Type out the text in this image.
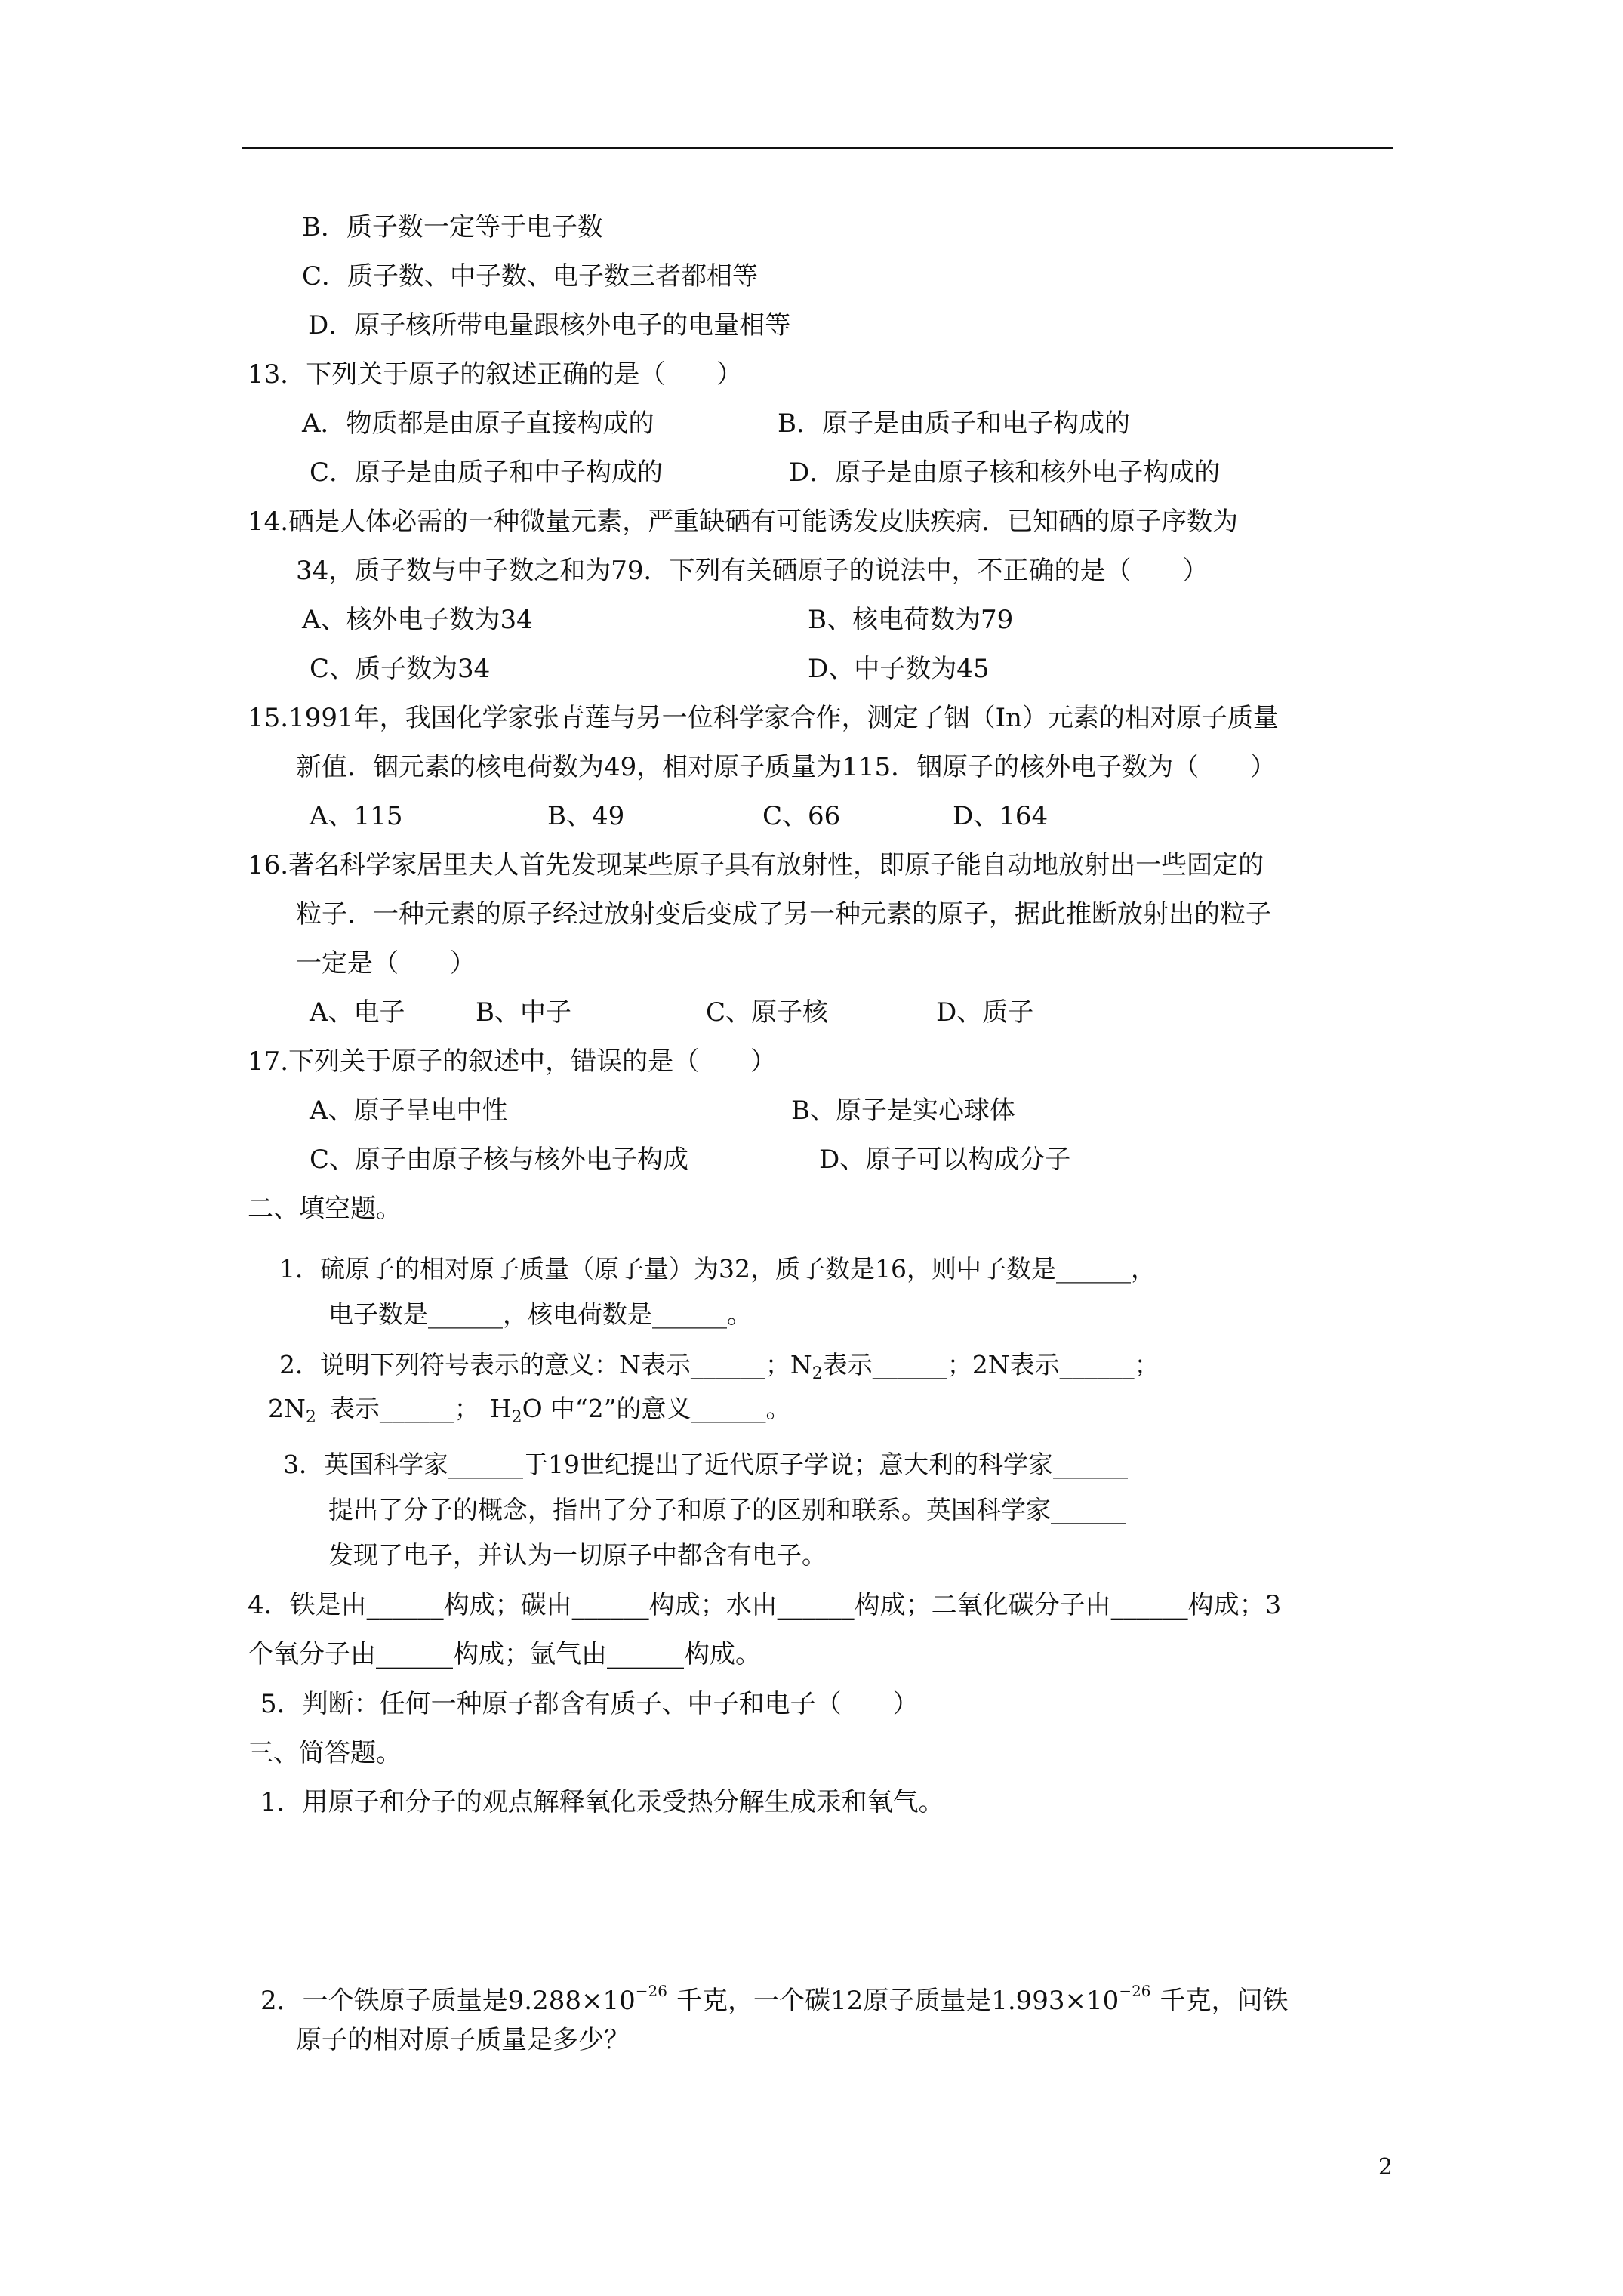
B．质子数一定等于电子数
C．质子数、中子数、电子数三者都相等
D．原子核所带电量跟核外电子的电量相等
13．下列关于原子的叙述正确的是（　　）
A．物质都是由原子直接构成的	B．原子是由质子和电子构成的
C．原子是由质子和中子构成的	D．原子是由原子核和核外电子构成的
14.硒是人体必需的一种微量元素，严重缺硒有可能诱发皮肤疾病．已知硒的原子序数为
34，质子数与中子数之和为79．下列有关硒原子的说法中，不正确的是（　　）
A、核外电子数为34	B、核电荷数为79
C、质子数为34	D、中子数为45
15.1991年，我国化学家张青莲与另一位科学家合作，测定了铟（In）元素的相对原子质量
新值．铟元素的核电荷数为49，相对原子质量为115．铟原子的核外电子数为（　　）
A、115	B、49	C、66	D、164
16.著名科学家居里夫人首先发现某些原子具有放射性，即原子能自动地放射出一些固定的
粒子．一种元素的原子经过放射变后变成了另一种元素的原子，据此推断放射出的粒子
一定是（　　）
A、电子	B、中子	C、原子核	D、质子
17.下列关于原子的叙述中，错误的是（　　）
A、原子呈电中性	B、原子是实心球体
C、原子由原子核与核外电子构成	D、原子可以构成分子
二、填空题。
1．硫原子的相对原子质量（原子量）为32，质子数是16，则中子数是______，
电子数是______，核电荷数是______。
2．说明下列符号表示的意义：N表示______；$N_2$表示______；2N表示______；
$2N_2$ 表示______； $H_2O$ 中“2”的意义______。
3．英国科学家______于19世纪提出了近代原子学说；意大利的科学家______
提出了分子的概念，指出了分子和原子的区别和联系。英国科学家______
发现了电子，并认为一切原子中都含有电子。
4．铁是由______构成；碳由______构成；水由______构成；二氧化碳分子由______构成；3
个氧分子由______构成；氩气由______构成。
5．判断：任何一种原子都含有质子、中子和电子（　　）
三、简答题。
1．用原子和分子的观点解释氧化汞受热分解生成汞和氧气。
2．一个铁原子质量是$9.288\times 10^{-26}$ 千克，一个碳12原子质量是$1.993\times 10^{-26}$ 千克，问铁
原子的相对原子质量是多少？
2
